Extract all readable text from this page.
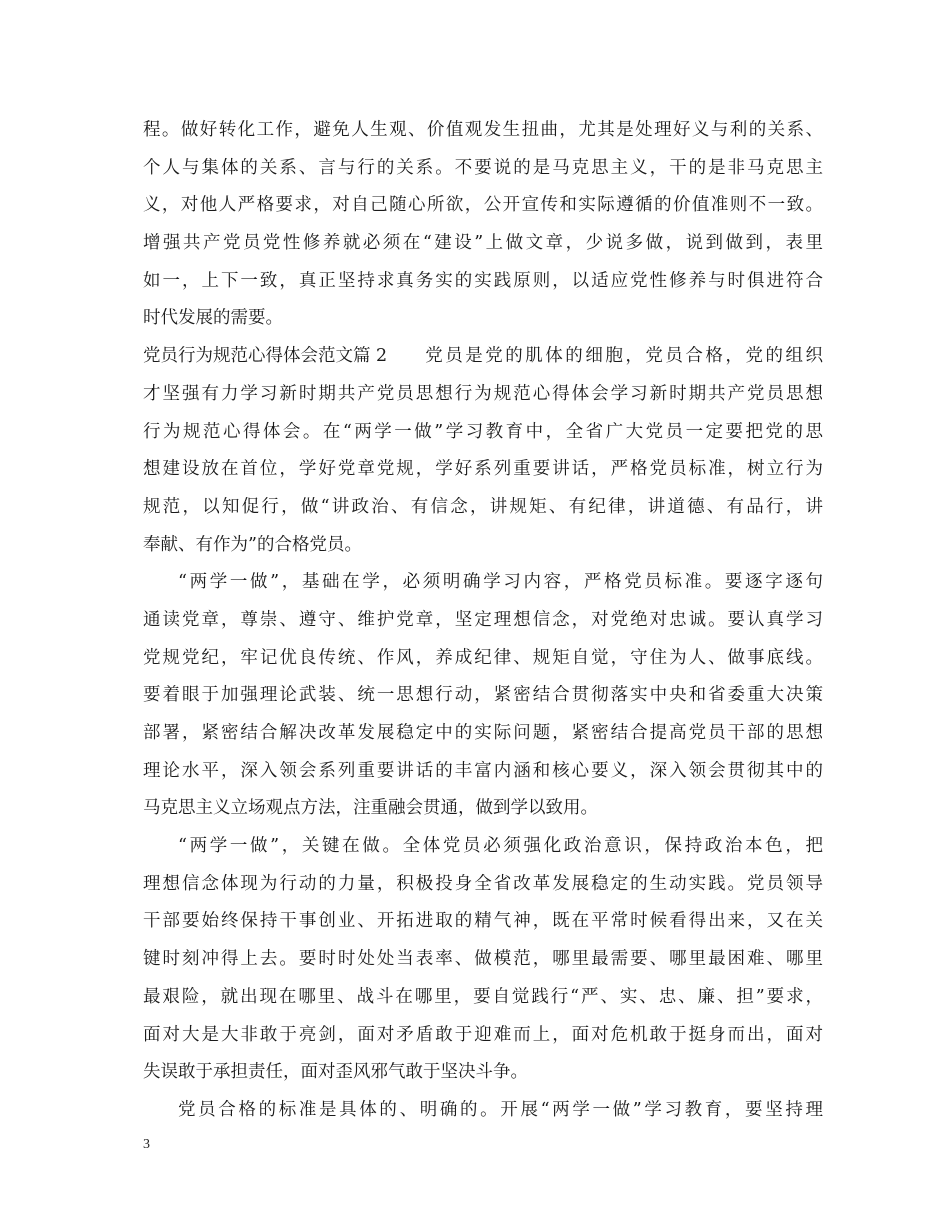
程。做好转化工作，避免人生观、价值观发生扭曲，尤其是处理好义与利的关系、
个人与集体的关系、言与行的关系。不要说的是马克思主义，干的是非马克思主
义，对他人严格要求，对自己随心所欲，公开宣传和实际遵循的价值准则不一致。
增强共产党员党性修养就必须在“建设”上做文章，少说多做，说到做到，表里
如一，上下一致，真正坚持求真务实的实践原则，以适应党性修养与时俱进符合
时代发展的需要。
党员行为规范心得体会范文篇 2 党员是党的肌体的细胞，党员合格，党的组织
才坚强有力学习新时期共产党员思想行为规范心得体会学习新时期共产党员思想
行为规范心得体会。在“两学一做”学习教育中，全省广大党员一定要把党的思
想建设放在首位，学好党章党规，学好系列重要讲话，严格党员标准，树立行为
规范，以知促行，做“讲政治、有信念，讲规矩、有纪律，讲道德、有品行，讲
奉献、有作为”的合格党员。
“两学一做”，基础在学，必须明确学习内容，严格党员标准。要逐字逐句
通读党章，尊崇、遵守、维护党章，坚定理想信念，对党绝对忠诚。要认真学习
党规党纪，牢记优良传统、作风，养成纪律、规矩自觉，守住为人、做事底线。
要着眼于加强理论武装、统一思想行动，紧密结合贯彻落实中央和省委重大决策
部署，紧密结合解决改革发展稳定中的实际问题，紧密结合提高党员干部的思想
理论水平，深入领会系列重要讲话的丰富内涵和核心要义，深入领会贯彻其中的
马克思主义立场观点方法，注重融会贯通，做到学以致用。
“两学一做”，关键在做。全体党员必须强化政治意识，保持政治本色，把
理想信念体现为行动的力量，积极投身全省改革发展稳定的生动实践。党员领导
干部要始终保持干事创业、开拓进取的精气神，既在平常时候看得出来，又在关
键时刻冲得上去。要时时处处当表率、做模范，哪里最需要、哪里最困难、哪里
最艰险，就出现在哪里、战斗在哪里，要自觉践行“严、实、忠、廉、担”要求，
面对大是大非敢于亮剑，面对矛盾敢于迎难而上，面对危机敢于挺身而出，面对
失误敢于承担责任，面对歪风邪气敢于坚决斗争。
党员合格的标准是具体的、明确的。开展“两学一做”学习教育，要坚持理
3
